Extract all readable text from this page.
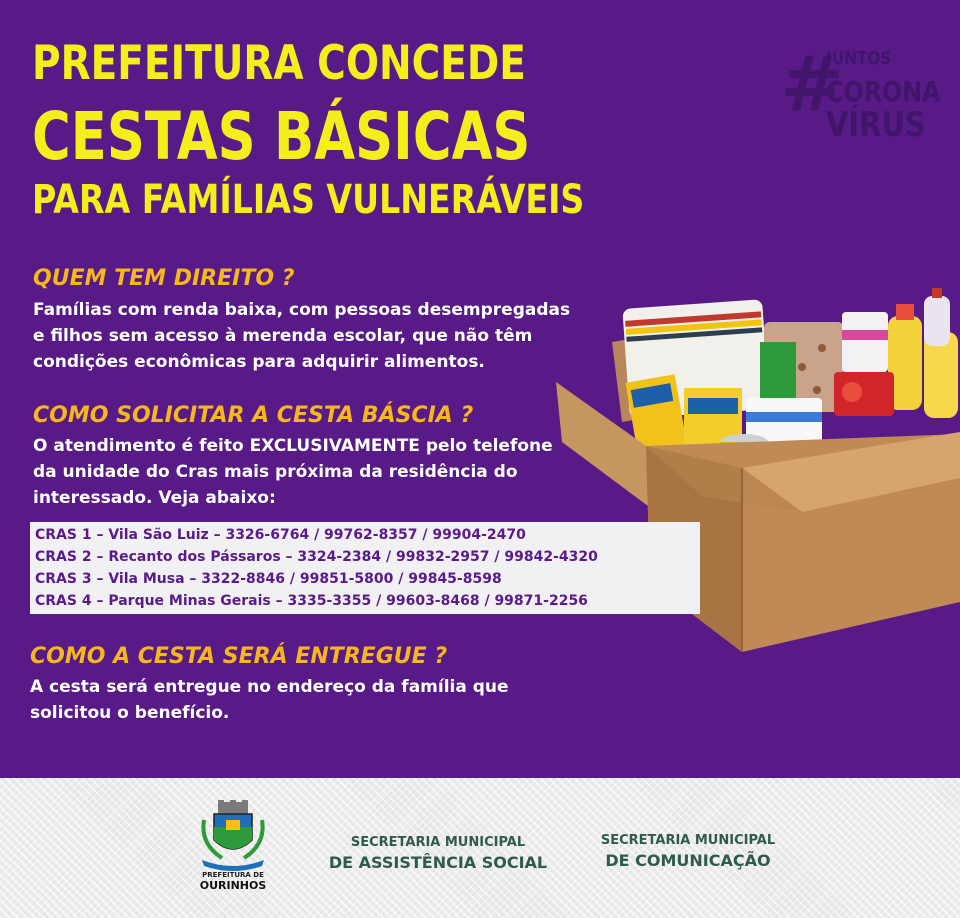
PREFEITURA CONCEDE
CESTAS BÁSICAS
PARA FAMÍLIAS VULNERÁVEIS
#
JUNTOS
CORONA
VÍRUS
QUEM TEM DIREITO ?
Famílias com renda baixa, com pessoas desempregadas
e filhos sem acesso à merenda escolar, que não têm
condições econômicas para adquirir alimentos.
COMO SOLICITAR A CESTA BÁSCIA ?
O atendimento é feito EXCLUSIVAMENTE pelo telefone
da unidade do Cras mais próxima da residência do
interessado. Veja abaixo:
CRAS 1 – Vila São Luiz – 3326-6764 / 99762-8357 / 99904-2470
CRAS 2 – Recanto dos Pássaros – 3324-2384 / 99832-2957 / 99842-4320
CRAS 3 – Vila Musa – 3322-8846 / 99851-5800 / 99845-8598
CRAS 4 – Parque Minas Gerais – 3335-3355 / 99603-8468 / 99871-2256
COMO A CESTA SERÁ ENTREGUE ?
A cesta será entregue no endereço da família que
solicitou o benefício.
PREFEITURA DE
OURINHOS
SECRETARIA MUNICIPAL
DE ASSISTÊNCIA SOCIAL
SECRETARIA MUNICIPAL
DE COMUNICAÇÃO
